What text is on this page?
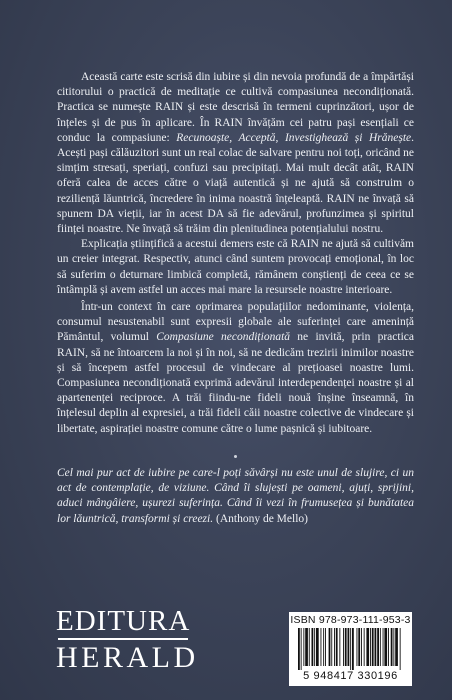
Această carte este scrisă din iubire și din nevoia profundă de a împărtăși cititorului o practică de meditație ce cultivă compasiunea necondiționată. Practica se numește RAIN și este descrisă în termeni cuprinzători, ușor de înțeles și de pus în aplicare. În RAIN învățăm cei patru pași esențiali ce conduc la compasiune: Recunoaște, Acceptă, Investighează și Hrănește. Acești pași călăuzitori sunt un real colac de salvare pentru noi toți, oricând ne simțim stresați, speriați, confuzi sau precipitați. Mai mult decât atât, RAIN oferă calea de acces către o viață autentică și ne ajută să construim o reziliență lăuntrică, încredere în inima noastră înțeleaptă. RAIN ne învață să spunem DA vieții, iar în acest DA să fie adevărul, profunzimea și spiritul ființei noastre. Ne învață să trăim din plenitudinea potențialului nostru.

Explicația științifică a acestui demers este că RAIN ne ajută să cultivăm un creier integrat. Respectiv, atunci când suntem provocați emoțional, în loc să suferim o deturnare limbică completă, rămânem conștienți de ceea ce se întâmplă și avem astfel un acces mai mare la resursele noastre interioare.

Într-un context în care oprimarea populațiilor nedominante, violența, consumul nesustenabil sunt expresii globale ale suferinței care amenință Pământul, volumul Compasiune necondiționată ne invită, prin practica RAIN, să ne întoarcem la noi și în noi, să ne dedicăm trezirii inimilor noastre și să începem astfel procesul de vindecare al prețioasei noastre lumi. Compasiunea necondiționată exprimă adevărul interdependenței noastre și al apartenenței reciproce. A trăi fiindu-ne fideli nouă înșine înseamnă, în înțelesul deplin al expresiei, a trăi fideli căii noastre colective de vindecare și libertate, aspirației noastre comune către o lume pașnică și iubitoare.

Cel mai pur act de iubire pe care-l poți săvârși nu este unul de slujire, ci un act de contemplație, de viziune. Când îi slujești pe oameni, ajuți, sprijini, aduci mângâiere, ușurezi suferința. Când îi vezi în frumusețea și bunătatea lor lăuntrică, transformi și creezi. (Anthony de Mello)

EDITURA
HERALD
ISBN 978-973-111-953-3
5 948417 330196
